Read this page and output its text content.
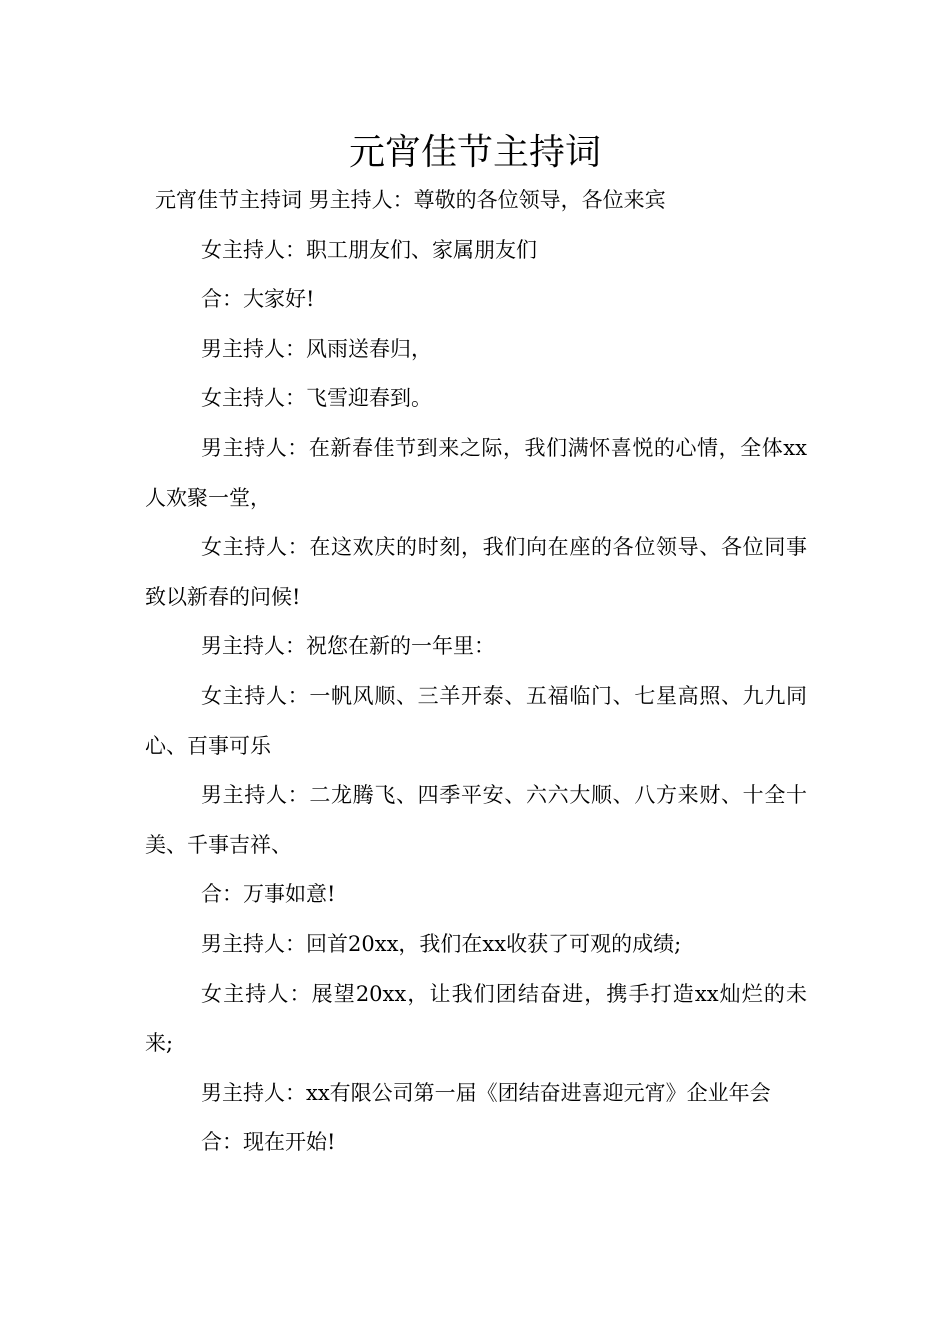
元宵佳节主持词

元宵佳节主持词 男主持人：尊敬的各位领导，各位来宾

女主持人：职工朋友们、家属朋友们

合：大家好!

男主持人：风雨送春归，

女主持人：飞雪迎春到。

男主持人：在新春佳节到来之际，我们满怀喜悦的心情，全体xx人欢聚一堂，

女主持人：在这欢庆的时刻，我们向在座的各位领导、各位同事致以新春的问候!

男主持人：祝您在新的一年里：

女主持人：一帆风顺、三羊开泰、五福临门、七星高照、九九同心、百事可乐

男主持人：二龙腾飞、四季平安、六六大顺、八方来财、十全十美、千事吉祥、

合：万事如意!

男主持人：回首20xx，我们在xx收获了可观的成绩;

女主持人：展望20xx，让我们团结奋进，携手打造xx灿烂的未来;

男主持人：xx有限公司第一届《团结奋进喜迎元宵》企业年会

合：现在开始!
